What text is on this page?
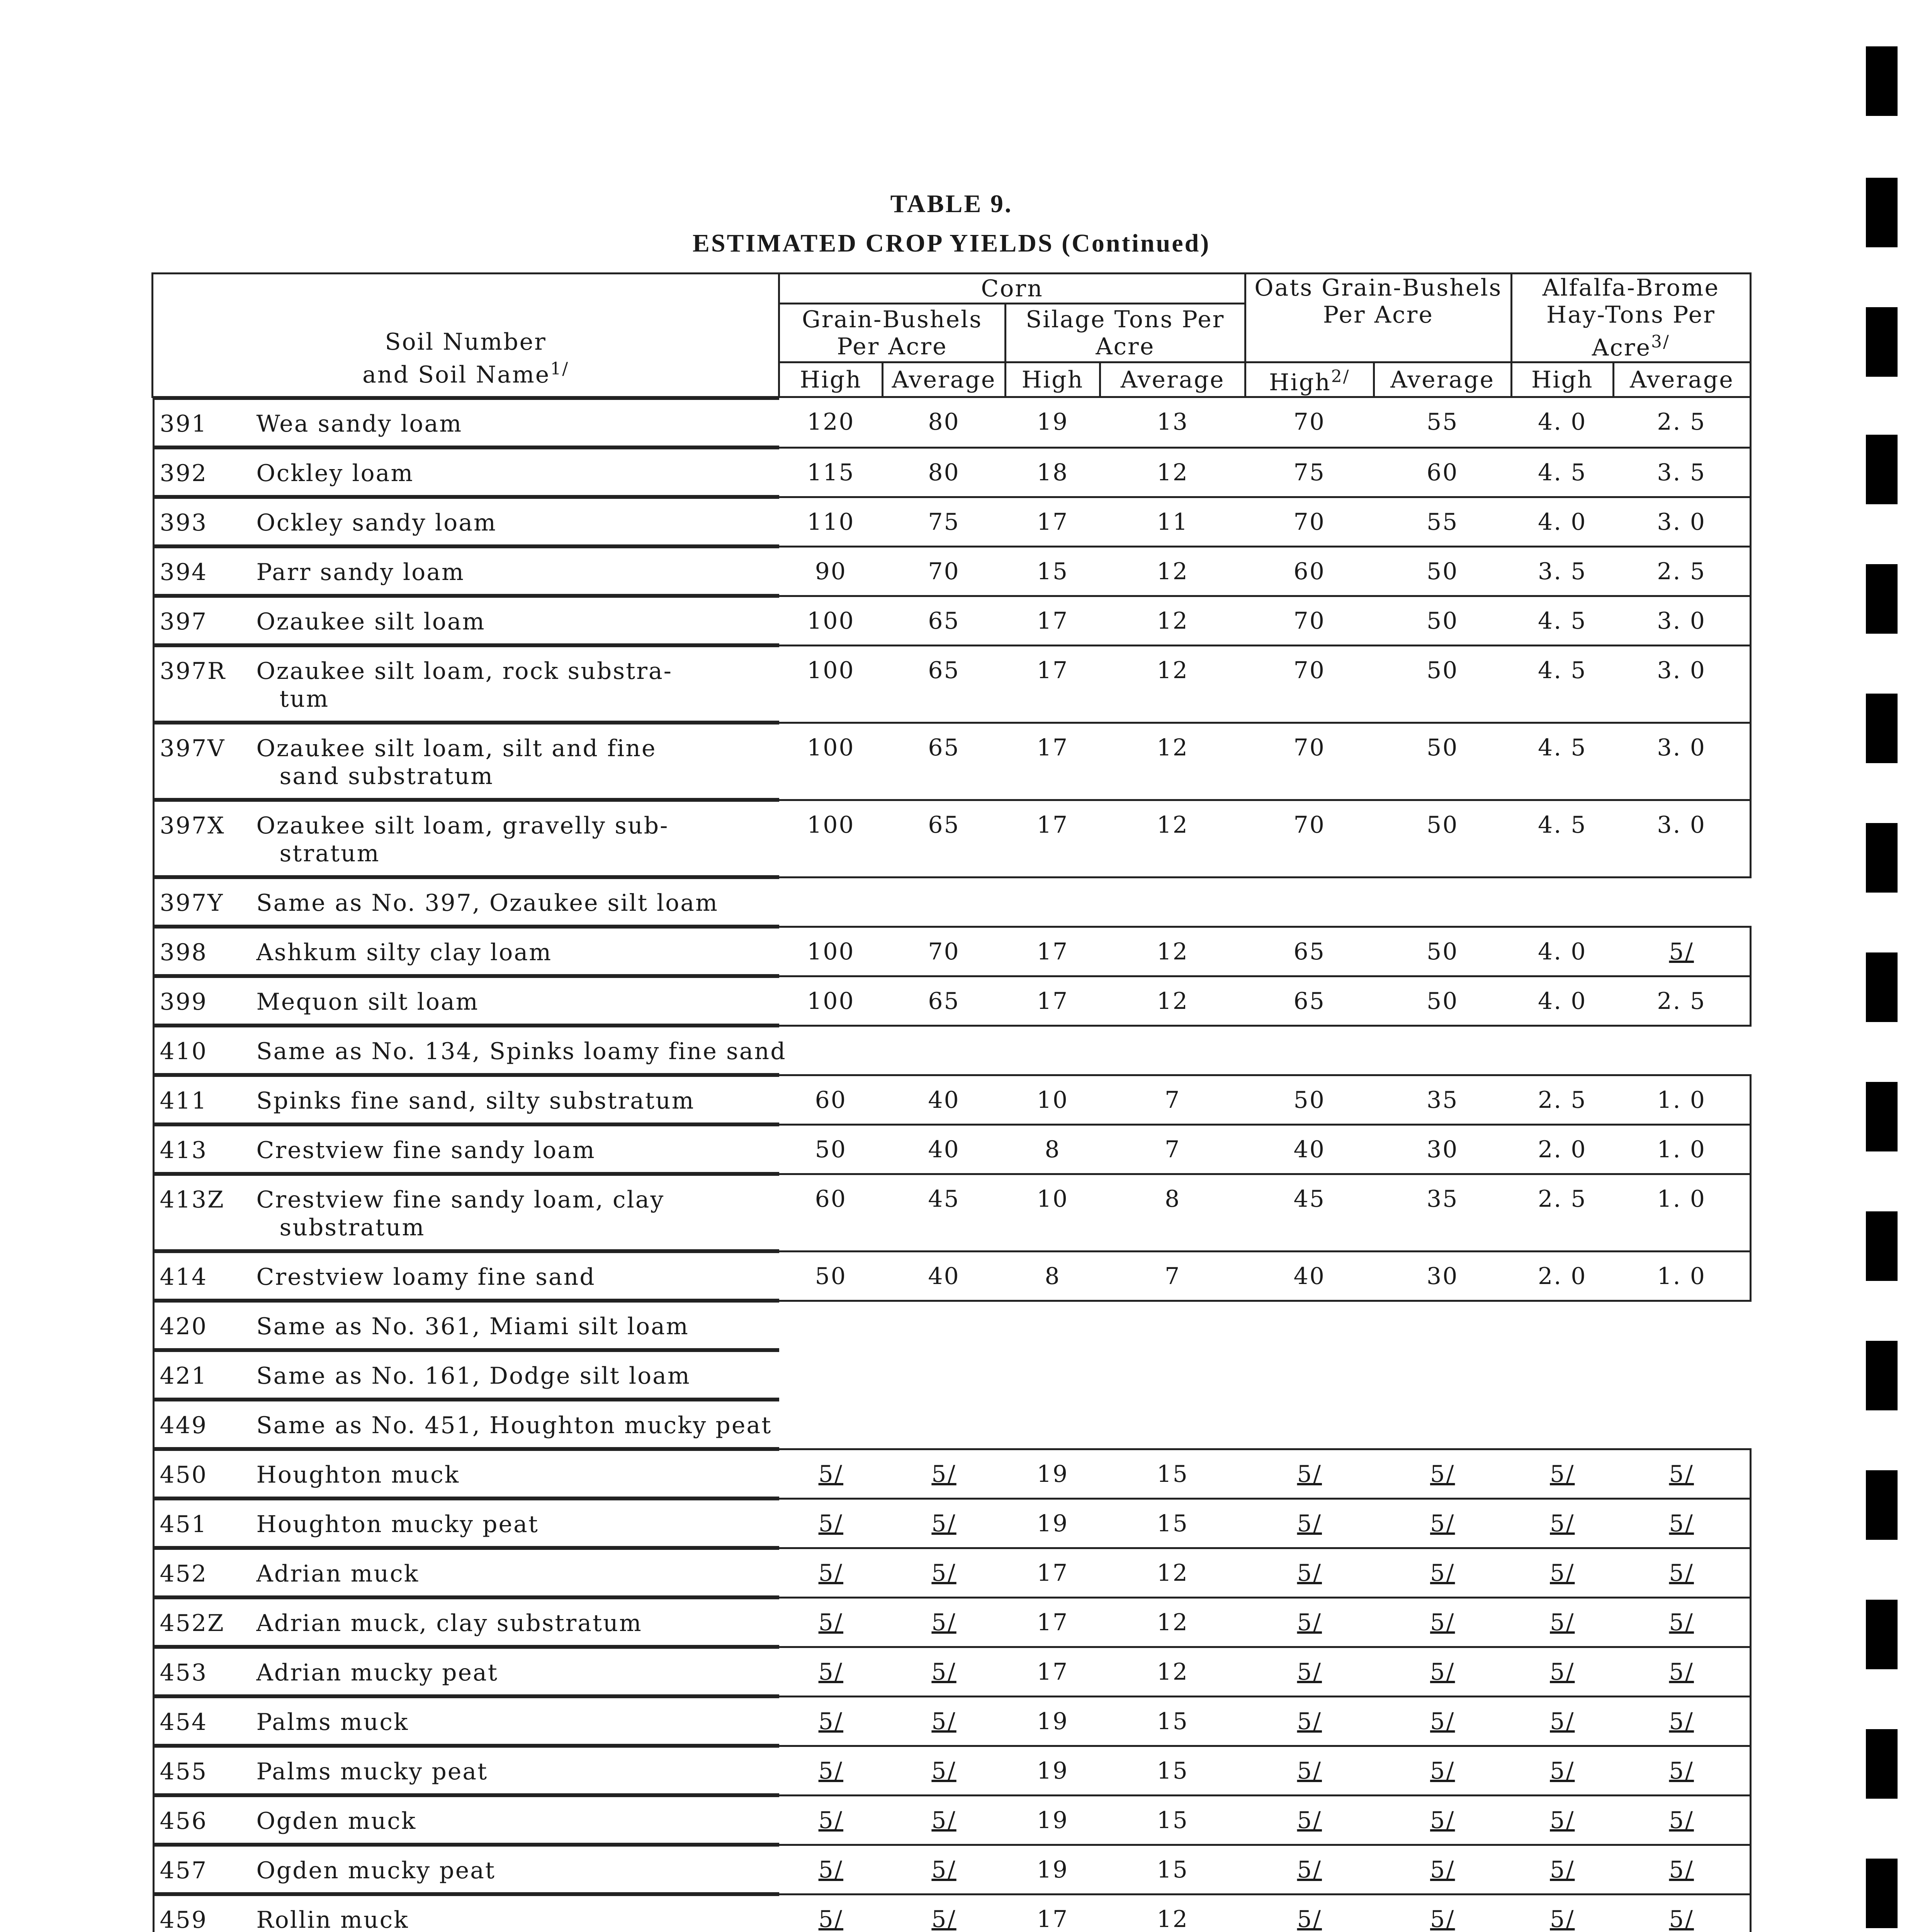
TABLE 9.
ESTIMATED CROP YIELDS (Continued)
Soil Number
and Soil Name$^{1/}$	Corn				Oats Grain-Bushels Per Acre		Alfalfa-Brome Hay-Tons Per Acre$^{3/}$
	Grain-Bushels Per Acre		Silage Tons Per Acre					
	High	Average	High	Average	High$^{2/}$	Average	High	Average

391	Wea sandy loam	120	80	19	13	70	55	4. 0	2. 5

392	Ockley loam	115	80	18	12	75	60	4. 5	3. 5

393	Ockley sandy loam	110	75	17	11	70	55	4. 0	3. 0

394	Parr sandy loam	90	70	15	12	60	50	3. 5	2. 5

397	Ozaukee silt loam	100	65	17	12	70	50	4. 5	3. 0

397R	Ozaukee silt loam, rock substra-
tum
100	65	17	12	70	50	4. 5	3. 0

397V	Ozaukee silt loam, silt and fine
sand substratum
100	65	17	12	70	50	4. 5	3. 0

397X	Ozaukee silt loam, gravelly sub-
stratum
100	65	17	12	70	50	4. 5	3. 0

397Y	Same as No. 397, Ozaukee silt loam

398	Ashkum silty clay loam	100	70	17	12	65	50	4. 0	5/

399	Mequon silt loam	100	65	17	12	65	50	4. 0	2. 5

410	Same as No. 134, Spinks loamy fine sand

411	Spinks fine sand, silty substratum	60	40	10	7	50	35	2. 5	1. 0

413	Crestview fine sandy loam	50	40	8	7	40	30	2. 0	1. 0

413Z	Crestview fine sandy loam, clay
substratum
60	45	10	8	45	35	2. 5	1. 0

414	Crestview loamy fine sand	50	40	8	7	40	30	2. 0	1. 0

420	Same as No. 361, Miami silt loam

421	Same as No. 161, Dodge silt loam

449	Same as No. 451, Houghton mucky peat

450	Houghton muck	5/	5/	19	15	5/	5/	5/	5/

451	Houghton mucky peat	5/	5/	19	15	5/	5/	5/	5/

452	Adrian muck	5/	5/	17	12	5/	5/	5/	5/

452Z	Adrian muck, clay substratum	5/	5/	17	12	5/	5/	5/	5/

453	Adrian mucky peat	5/	5/	17	12	5/	5/	5/	5/

454	Palms muck	5/	5/	19	15	5/	5/	5/	5/

455	Palms mucky peat	5/	5/	19	15	5/	5/	5/	5/

456	Ogden muck	5/	5/	19	15	5/	5/	5/	5/

457	Ogden mucky peat	5/	5/	19	15	5/	5/	5/	5/

459	Rollin muck	5/	5/	17	12	5/	5/	5/	5/
